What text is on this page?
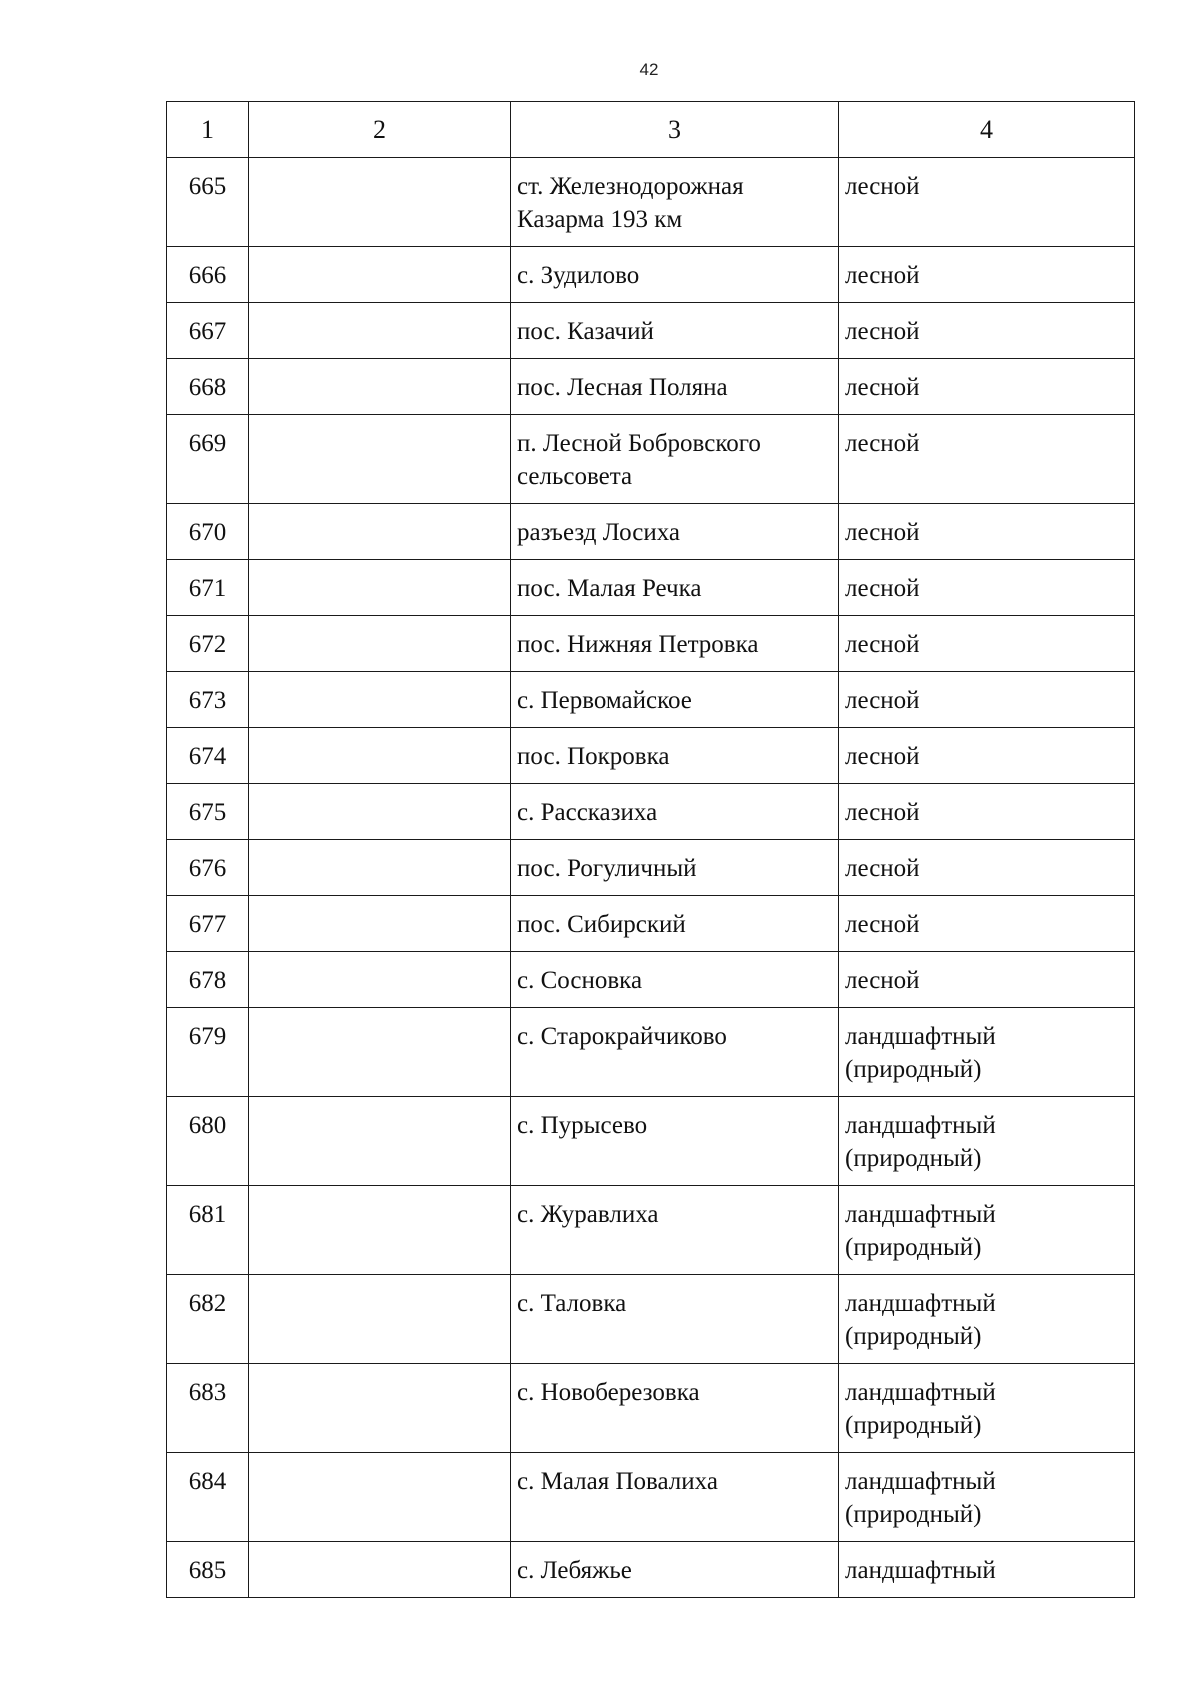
42
1	2	3	4
665		ст. Железнодорожная Казарма 193 км	лесной
666		с. Зудилово	лесной
667		пос. Казачий	лесной
668		пос. Лесная Поляна	лесной
669		п. Лесной Бобровского сельсовета	лесной
670		разъезд Лосиха	лесной
671		пос. Малая Речка	лесной
672		пос. Нижняя Петровка	лесной
673		с. Первомайское	лесной
674		пос. Покровка	лесной
675		с. Рассказиха	лесной
676		пос. Рогуличный	лесной
677		пос. Сибирский	лесной
678		с. Сосновка	лесной
679		с. Старокрайчиково	ландшафтный (природный)
680		с. Пурысево	ландшафтный (природный)
681		с. Журавлиха	ландшафтный (природный)
682		с. Таловка	ландшафтный (природный)
683		с. Новоберезовка	ландшафтный (природный)
684		с. Малая Повалиха	ландшафтный (природный)
685		с. Лебяжье	ландшафтный
